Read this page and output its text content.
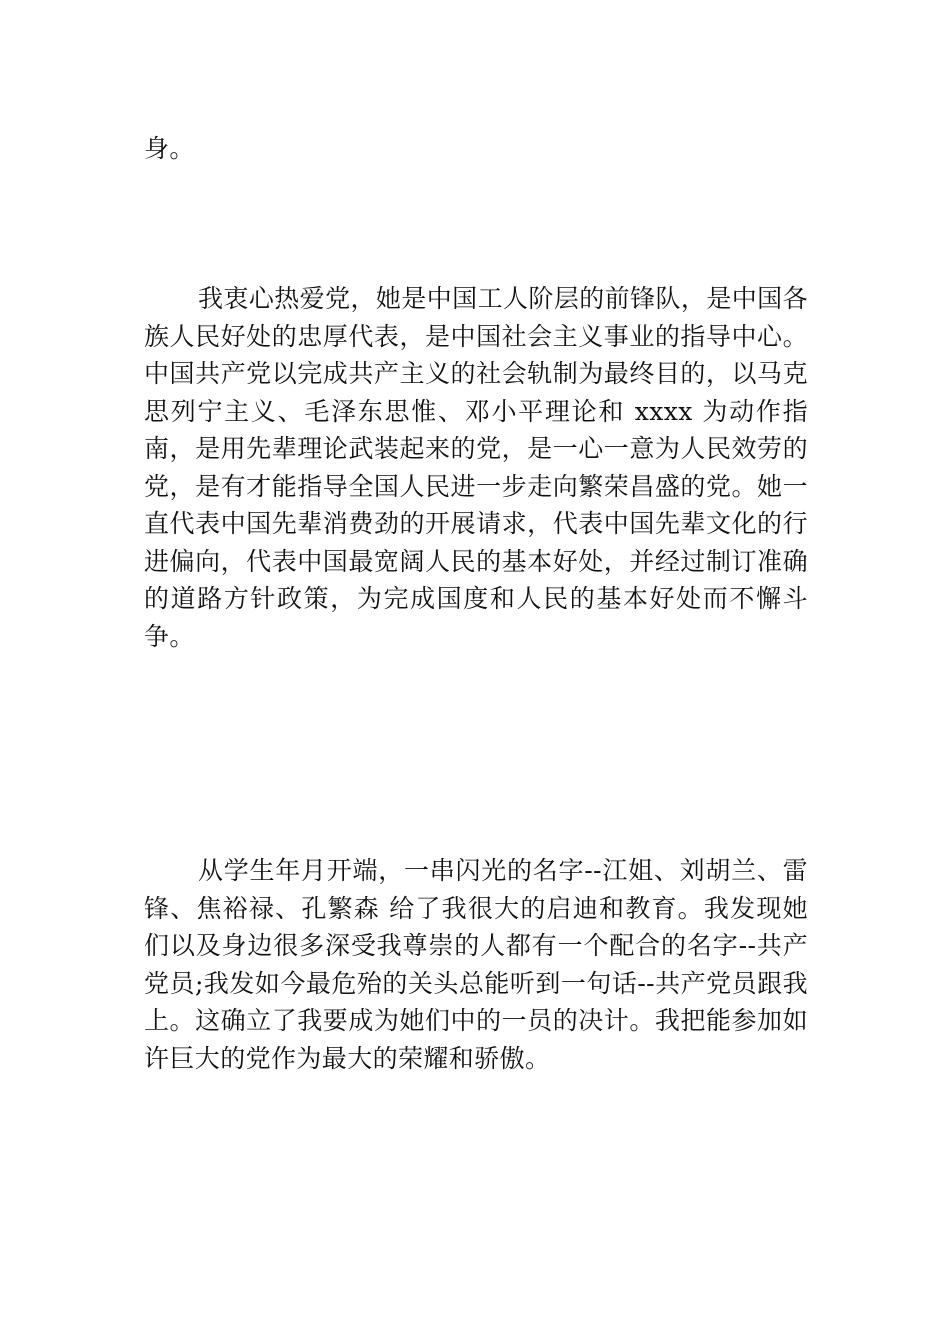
身。

我衷心热爱党，她是中国工人阶层的前锋队，是中国各族人民好处的忠厚代表，是中国社会主义事业的指导中心。中国共产党以完成共产主义的社会轨制为最终目的，以马克思列宁主义、毛泽东思惟、邓小平理论和 xxxx 为动作指南，是用先辈理论武装起来的党，是一心一意为人民效劳的党，是有才能指导全国人民进一步走向繁荣昌盛的党。她一直代表中国先辈消费劲的开展请求，代表中国先辈文化的行进偏向，代表中国最宽阔人民的基本好处，并经过制订准确的道路方针政策，为完成国度和人民的基本好处而不懈斗争。

从学生年月开端，一串闪光的名字--江姐、刘胡兰、雷锋、焦裕禄、孔繁森 给了我很大的启迪和教育。我发现她们以及身边很多深受我尊崇的人都有一个配合的名字--共产党员;我发如今最危殆的关头总能听到一句话--共产党员跟我上。这确立了我要成为她们中的一员的决计。我把能参加如许巨大的党作为最大的荣耀和骄傲。
